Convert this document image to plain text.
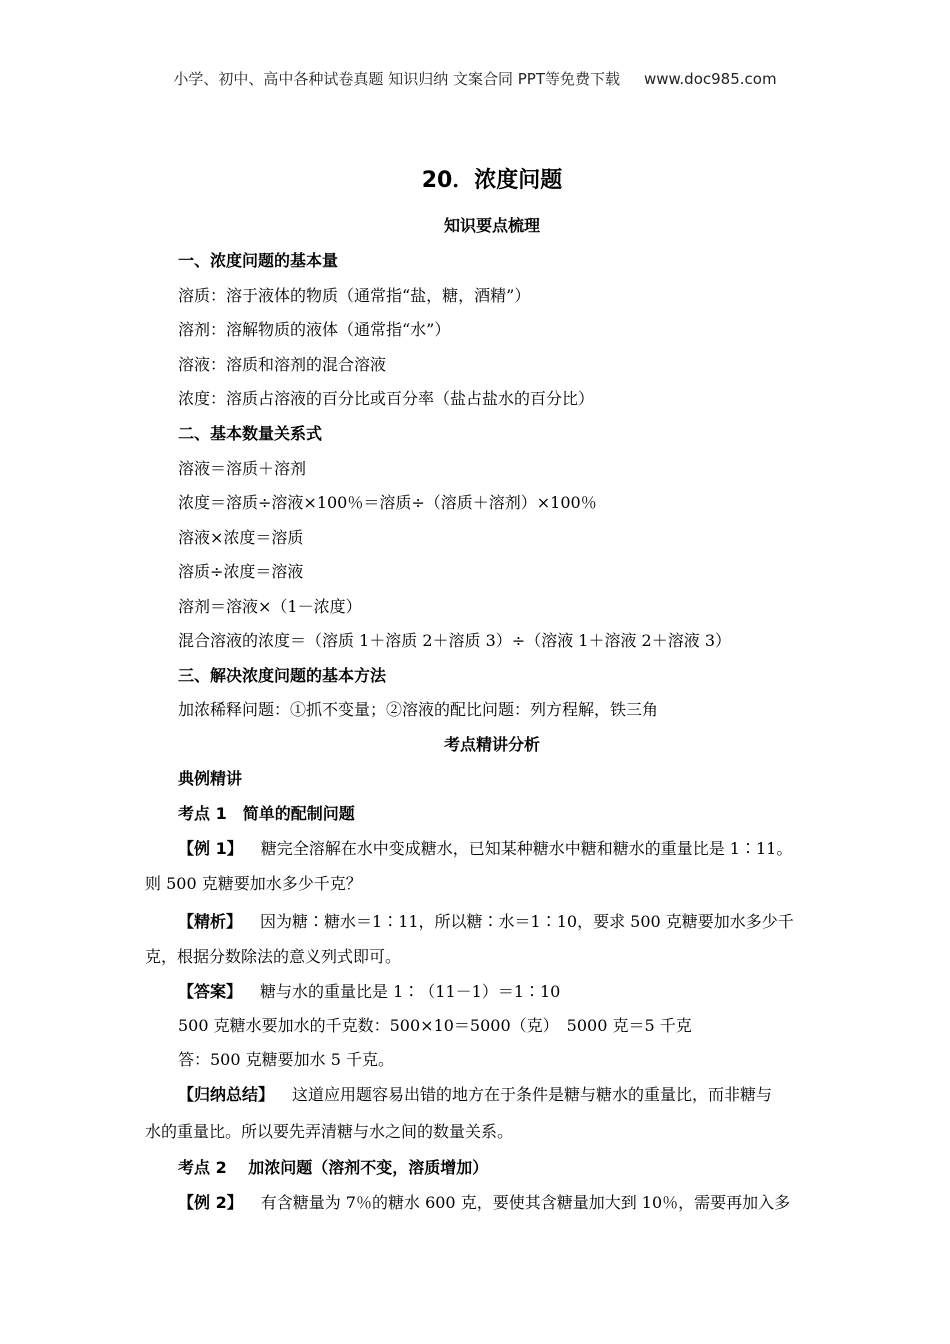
小学、初中、高中各种试卷真题 知识归纳 文案合同 PPT等免费下载 www.doc985.com
20．浓度问题
知识要点梳理
一、浓度问题的基本量
溶质：溶于液体的物质（通常指“盐，糖，酒精”）
溶剂：溶解物质的液体（通常指“水”）
溶液：溶质和溶剂的混合溶液
浓度：溶质占溶液的百分比或百分率（盐占盐水的百分比）
二、基本数量关系式
溶液＝溶质＋溶剂
浓度＝溶质÷溶液×100％＝溶质÷（溶质＋溶剂）×100％
溶液×浓度＝溶质
溶质÷浓度＝溶液
溶剂＝溶液×（1－浓度）
混合溶液的浓度＝（溶质 1＋溶质 2＋溶质 3）÷（溶液 1＋溶液 2＋溶液 3）
三、解决浓度问题的基本方法
加浓稀释问题：①抓不变量；②溶液的配比问题：列方程解，铁三角
考点精讲分析
典例精讲
考点 1　简单的配制问题
【例 1】 糖完全溶解在水中变成糖水，已知某种糖水中糖和糖水的重量比是 1∶11。
则 500 克糖要加水多少千克？
【精析】 因为糖∶糖水＝1∶11，所以糖∶水＝1∶10，要求 500 克糖要加水多少千
克，根据分数除法的意义列式即可。
【答案】 糖与水的重量比是 1∶（11－1）＝1∶10
500 克糖水要加水的千克数：500×10＝5000（克）　5000 克＝5 千克
答：500 克糖要加水 5 千克。
【归纳总结】 这道应用题容易出错的地方在于条件是糖与糖水的重量比，而非糖与
水的重量比。所以要先弄清糖与水之间的数量关系。
考点 2　 加浓问题（溶剂不变，溶质增加）
【例 2】 有含糖量为 7％的糖水 600 克，要使其含糖量加大到 10％，需要再加入多
